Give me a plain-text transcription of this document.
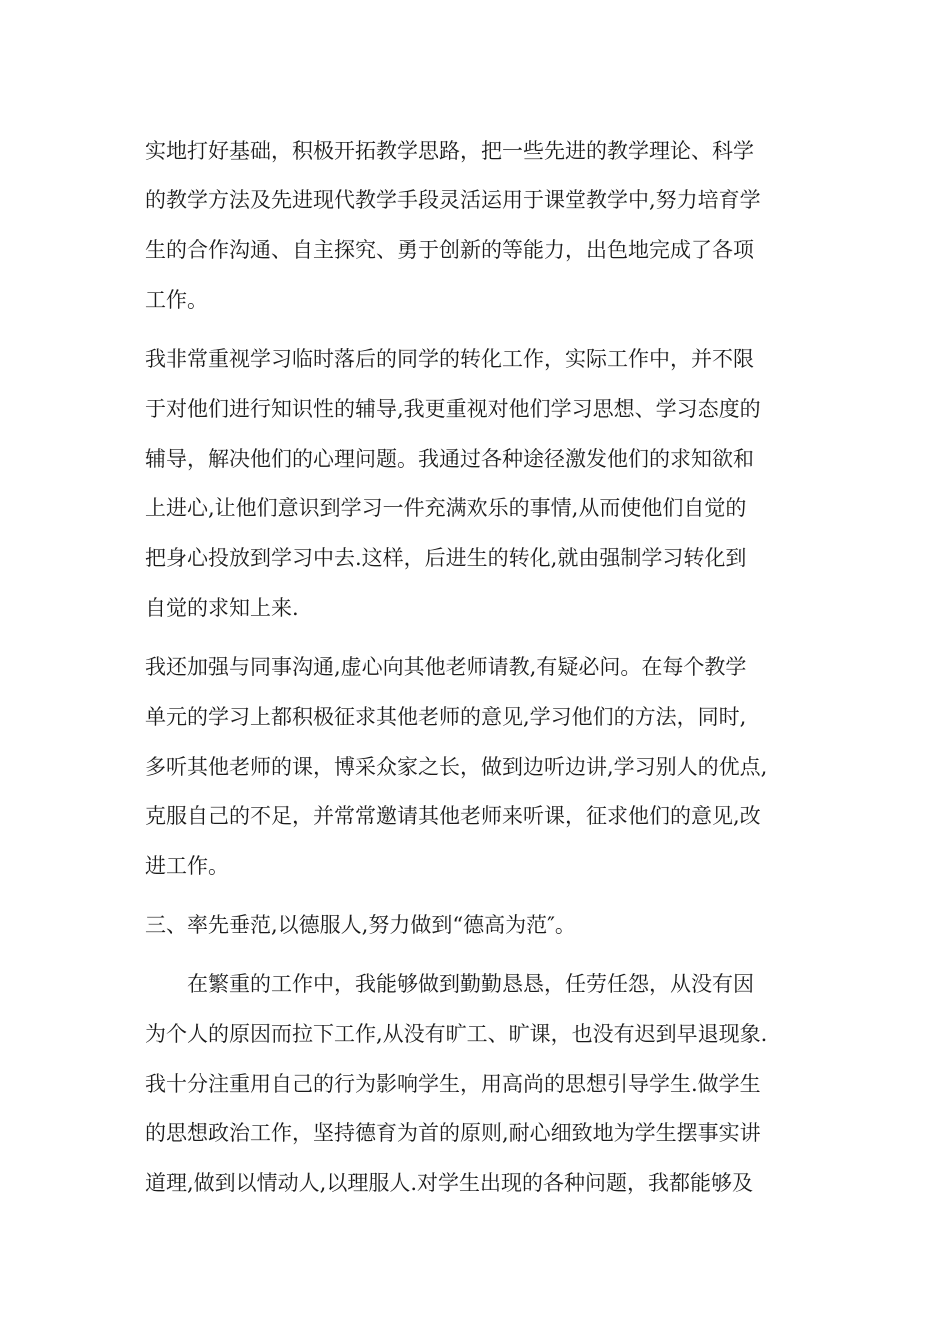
实地打好基础，积极开拓教学思路，把一些先进的教学理论、科学
的教学方法及先进现代教学手段灵活运用于课堂教学中,努力培育学
生的合作沟通、自主探究、勇于创新的等能力，出色地完成了各项
工作。
我非常重视学习临时落后的同学的转化工作，实际工作中，并不限
于对他们进行知识性的辅导,我更重视对他们学习思想、学习态度的
辅导，解决他们的心理问题。我通过各种途径激发他们的求知欲和
上进心,让他们意识到学习一件充满欢乐的事情,从而使他们自觉的
把身心投放到学习中去.这样，后进生的转化,就由强制学习转化到
自觉的求知上来.
我还加强与同事沟通,虚心向其他老师请教,有疑必问。在每个教学
单元的学习上都积极征求其他老师的意见,学习他们的方法，同时,
多听其他老师的课，博采众家之长，做到边听边讲,学习别人的优点,
克服自己的不足，并常常邀请其他老师来听课，征求他们的意见,改
进工作。
三、率先垂范,以德服人,努力做到“德高为范″。
在繁重的工作中，我能够做到勤勤恳恳，任劳任怨，从没有因
为个人的原因而拉下工作,从没有旷工、旷课，也没有迟到早退现象.
我十分注重用自己的行为影响学生，用高尚的思想引导学生.做学生
的思想政治工作，坚持德育为首的原则,耐心细致地为学生摆事实讲
道理,做到以情动人,以理服人.对学生出现的各种问题，我都能够及
